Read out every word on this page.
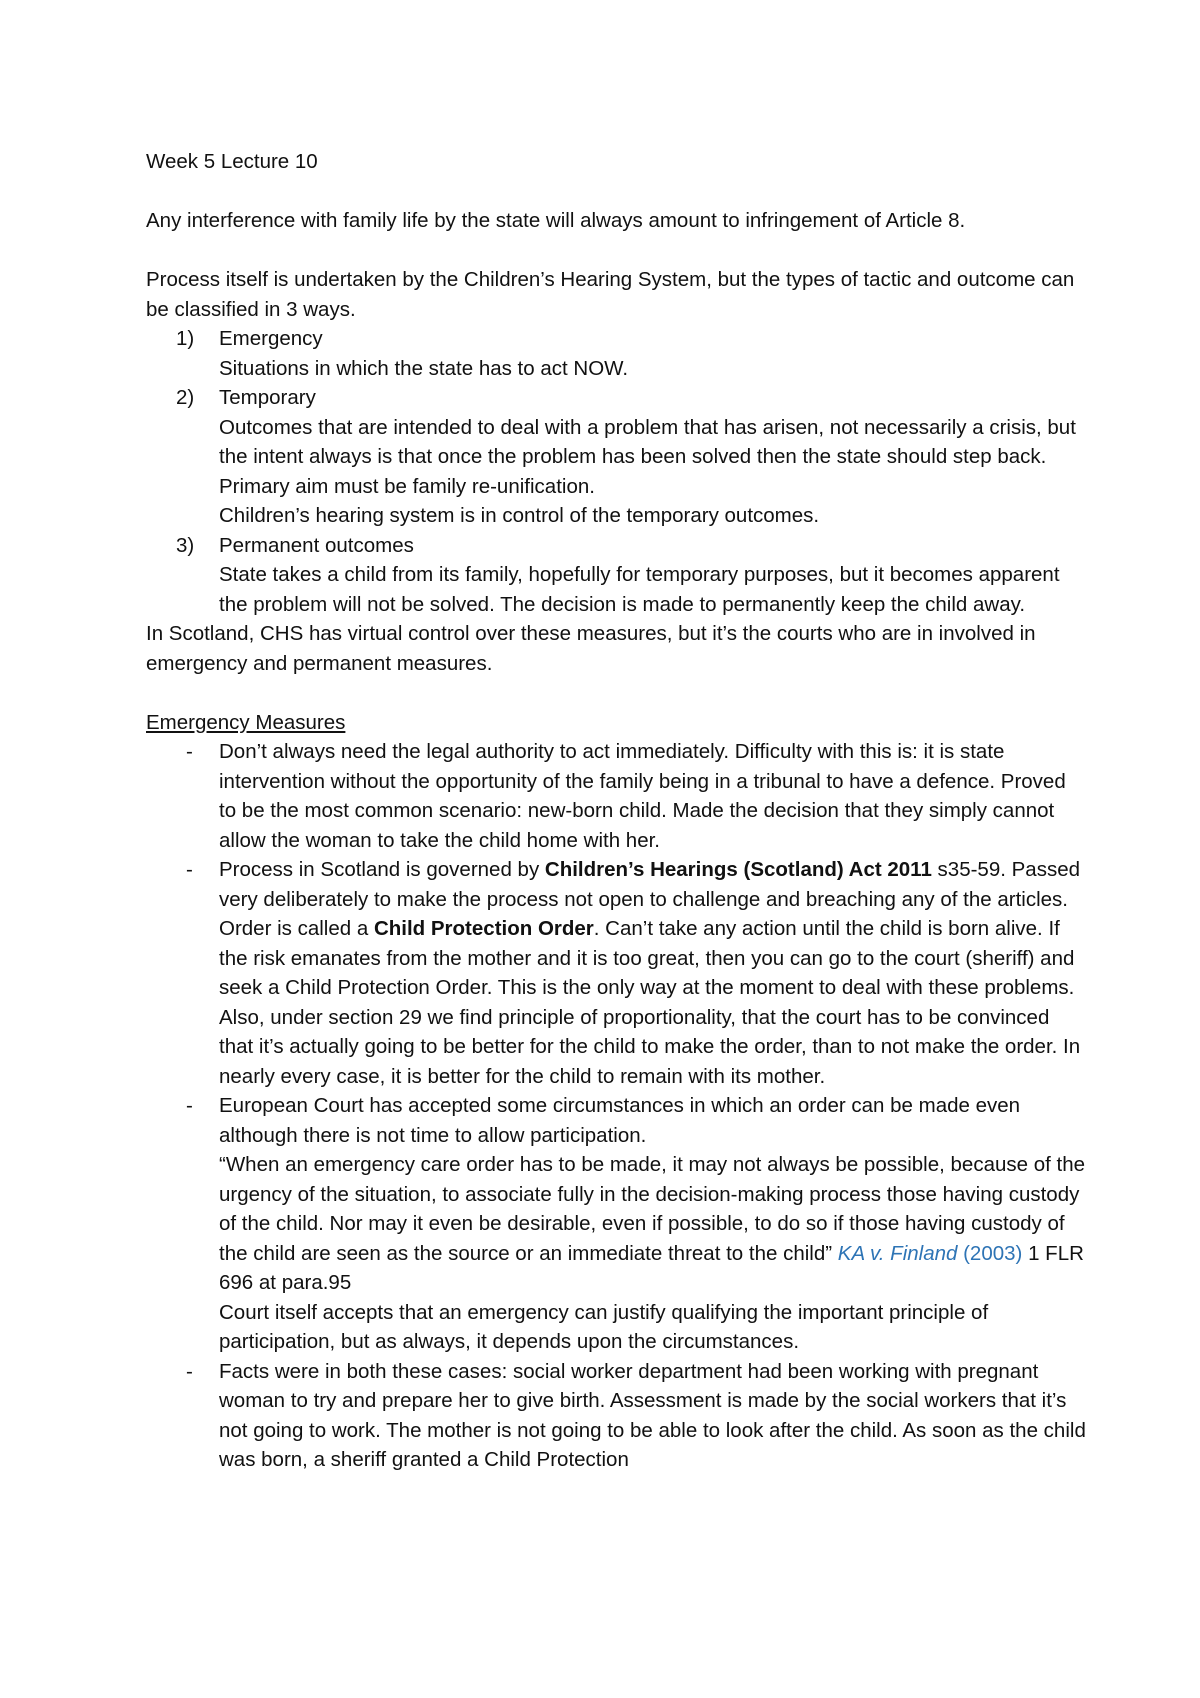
Week 5 Lecture 10

Any interference with family life by the state will always amount to infringement of Article 8.

Process itself is undertaken by the Children’s Hearing System, but the types of tactic and outcome can be classified in 3 ways.

1)	Emergency

Situations in which the state has to act NOW.

2)	Temporary

Outcomes that are intended to deal with a problem that has arisen, not necessarily a crisis, but the intent always is that once the problem has been solved then the state should step back. Primary aim must be family re-unification.

Children’s hearing system is in control of the temporary outcomes.

3)	Permanent outcomes

State takes a child from its family, hopefully for temporary purposes, but it becomes apparent the problem will not be solved. The decision is made to permanently keep the child away.

In Scotland, CHS has virtual control over these measures, but it’s the courts who are in involved in emergency and permanent measures.

Emergency Measures

-	Don’t always need the legal authority to act immediately. Difficulty with this is: it is state intervention without the opportunity of the family being in a tribunal to have a defence. Proved to be the most common scenario: new-born child. Made the decision that they simply cannot allow the woman to take the child home with her.

-	Process in Scotland is governed by Children’s Hearings (Scotland) Act 2011 s35-59. Passed very deliberately to make the process not open to challenge and breaching any of the articles. Order is called a Child Protection Order. Can’t take any action until the child is born alive. If the risk emanates from the mother and it is too great, then you can go to the court (sheriff) and seek a Child Protection Order. This is the only way at the moment to deal with these problems. Also, under section 29 we find principle of proportionality, that the court has to be convinced that it’s actually going to be better for the child to make the order, than to not make the order. In nearly every case, it is better for the child to remain with its mother.

-	European Court has accepted some circumstances in which an order can be made even although there is not time to allow participation.

“When an emergency care order has to be made, it may not always be possible, because of the urgency of the situation, to associate fully in the decision-making process those having custody of the child. Nor may it even be desirable, even if possible, to do so if those having custody of the child are seen as the source or an immediate threat to the child” KA v. Finland (2003) 1 FLR 696 at para.95

Court itself accepts that an emergency can justify qualifying the important principle of participation, but as always, it depends upon the circumstances.

-	Facts were in both these cases: social worker department had been working with pregnant woman to try and prepare her to give birth. Assessment is made by the social workers that it’s not going to work. The mother is not going to be able to look after the child. As soon as the child was born, a sheriff granted a Child Protection
